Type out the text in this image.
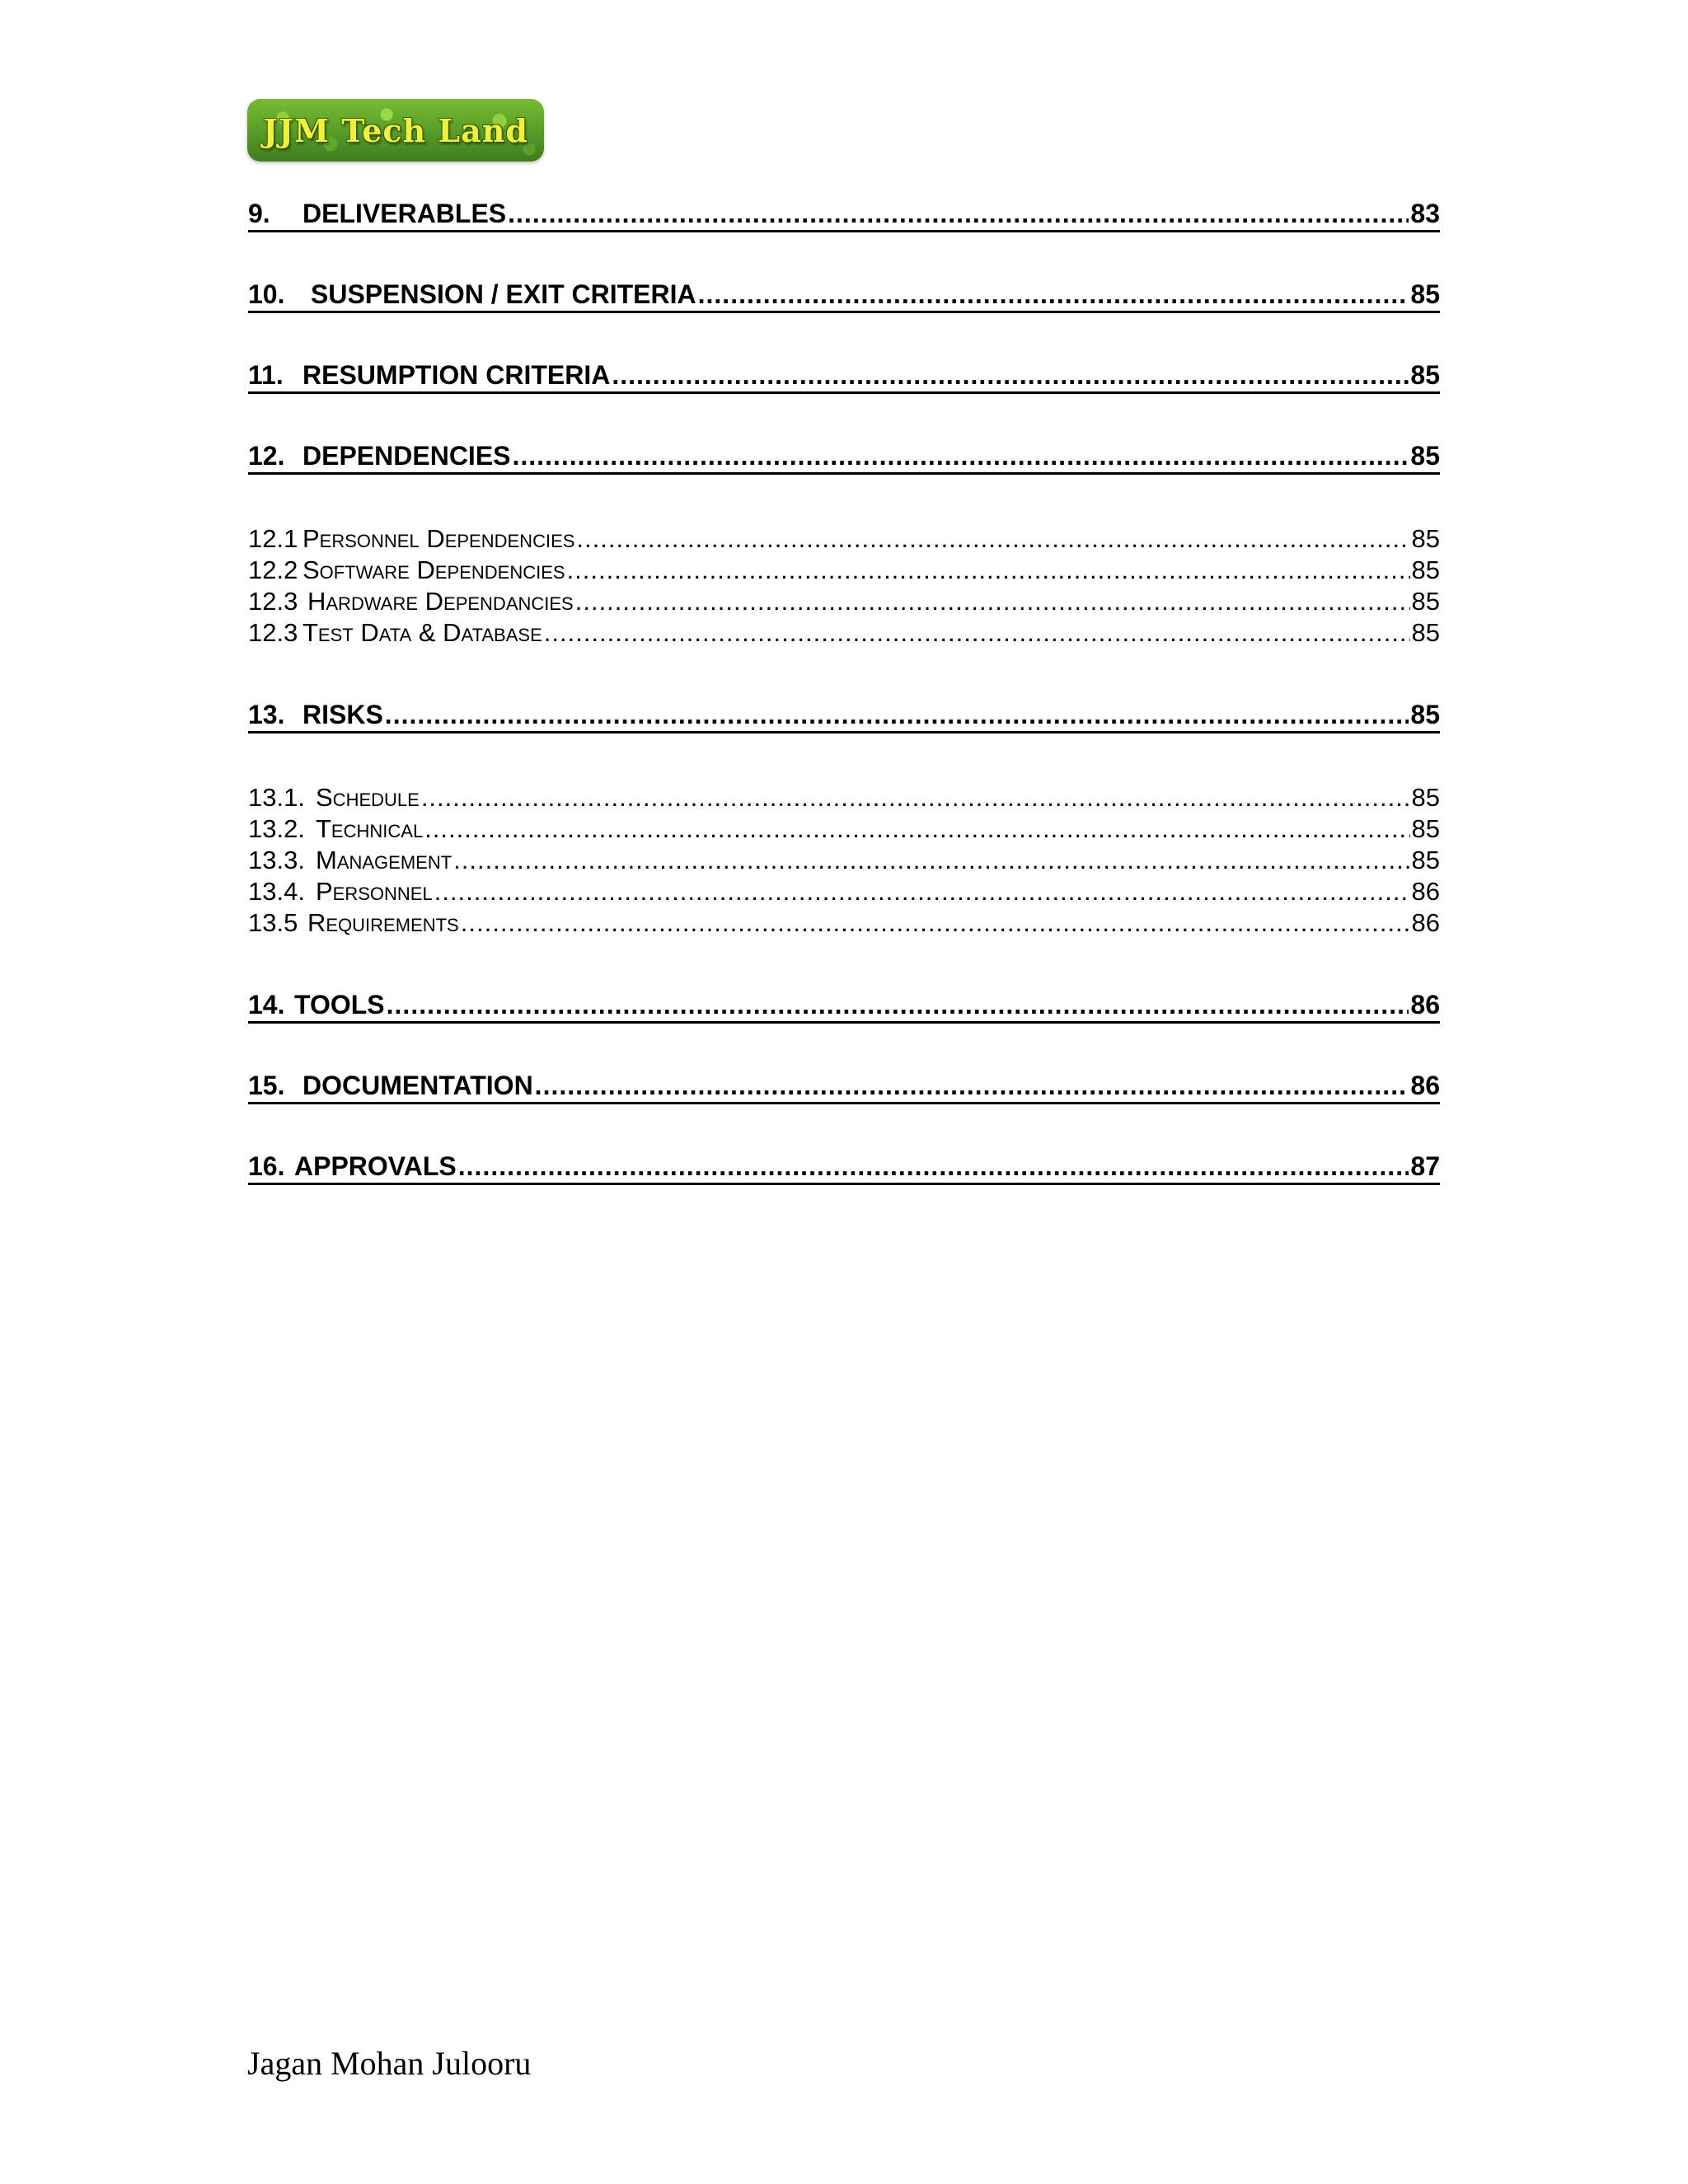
JJM Tech Land
9.	DELIVERABLES .....	83
10. SUSPENSION / EXIT CRITERIA .....	85
11. RESUMPTION CRITERIA .....	85
12. DEPENDENCIES .....	85
12.1 Personnel Dependencies .....	85
12.2 Software Dependencies .....	85
12.3 Hardware Dependancies .....	85
12.3 Test Data & Database .....	85
13. RISKS .....	85
13.1. Schedule .....	85
13.2. Technical .....	85
13.3. Management .....	85
13.4. Personnel .....	86
13.5 Requirements .....	86
14. TOOLS .....	86
15. DOCUMENTATION .....	86
16. APPROVALS .....	87
Jagan Mohan Julooru
